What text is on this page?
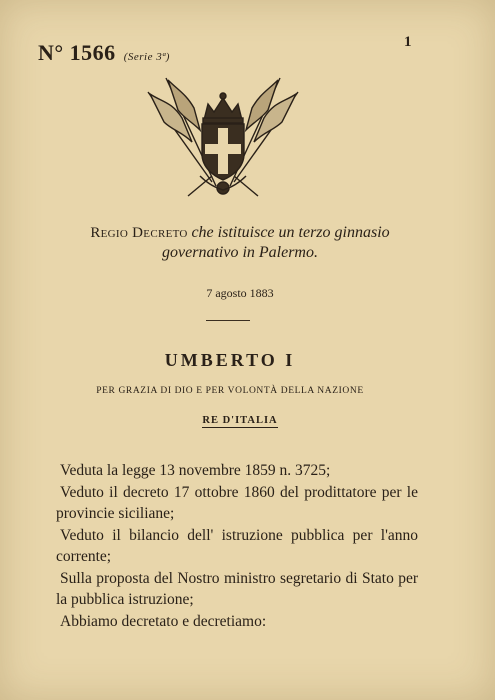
N° 1566 (Serie 3ª)
1
Regio Decreto che istituisce un terzo ginnasio
governativo in Palermo.
7 agosto 1883
UMBERTO I
PER GRAZIA DI DIO E PER VOLONTÀ DELLA NAZIONE
RE D'ITALIA

Veduta la legge 13 novembre 1859 n. 3725;

Veduto il decreto 17 ottobre 1860 del prodittatore per le provincie siciliane;

Veduto il bilancio dell' istruzione pubblica per l'anno corrente;

Sulla proposta del Nostro ministro segretario di Stato per la pubblica istruzione;

Abbiamo decretato e decretiamo:
